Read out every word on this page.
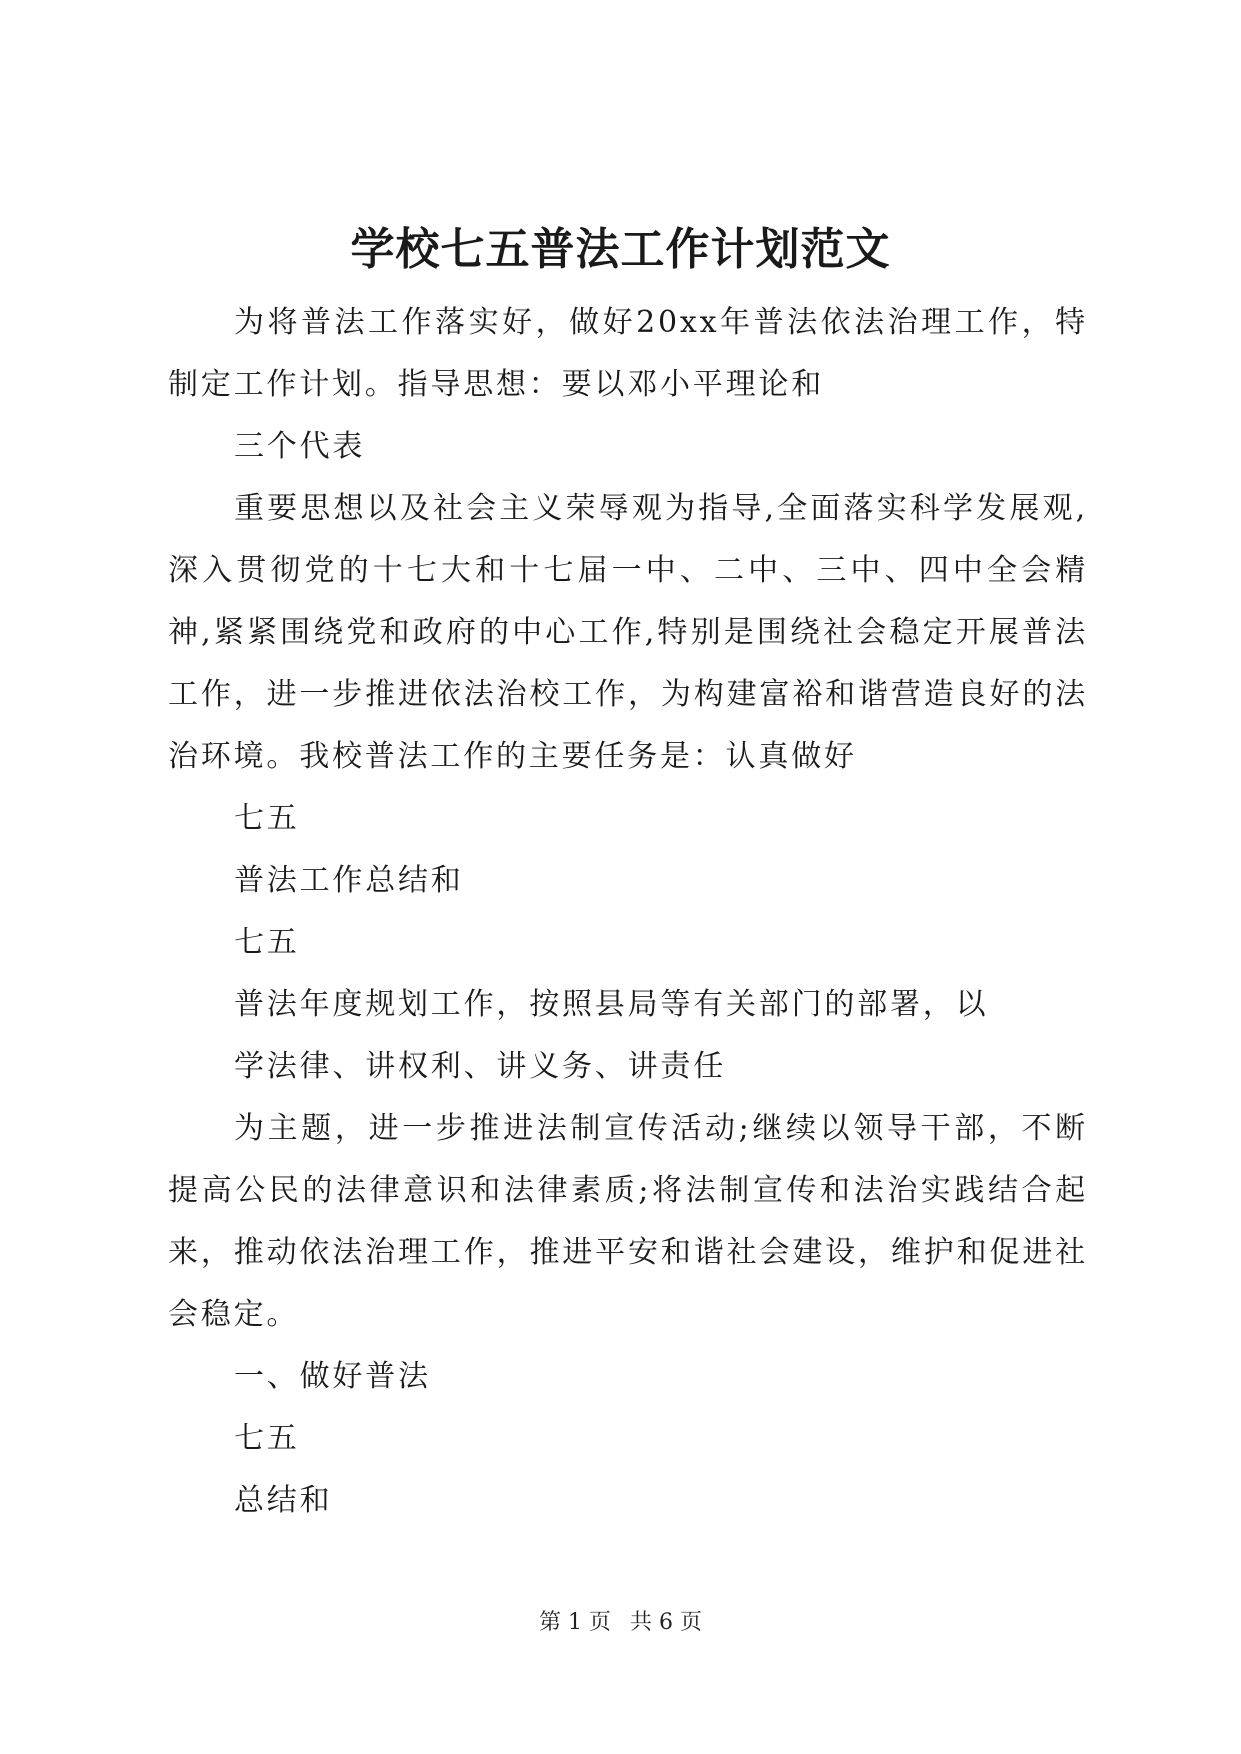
学校七五普法工作计划范文

为将普法工作落实好，做好20xx年普法依法治理工作，特制定工作计划。指导思想：要以邓小平理论和

三个代表

重要思想以及社会主义荣辱观为指导,全面落实科学发展观,深入贯彻党的十七大和十七届一中、二中、三中、四中全会精神,紧紧围绕党和政府的中心工作,特别是围绕社会稳定开展普法工作，进一步推进依法治校工作，为构建富裕和谐营造良好的法治环境。我校普法工作的主要任务是：认真做好

七五

普法工作总结和

七五

普法年度规划工作，按照县局等有关部门的部署，以

学法律、讲权利、讲义务、讲责任

为主题，进一步推进法制宣传活动;继续以领导干部，不断提高公民的法律意识和法律素质;将法制宣传和法治实践结合起来，推动依法治理工作，推进平安和谐社会建设，维护和促进社会稳定。

一、做好普法

七五

总结和

第 1 页 共 6 页
